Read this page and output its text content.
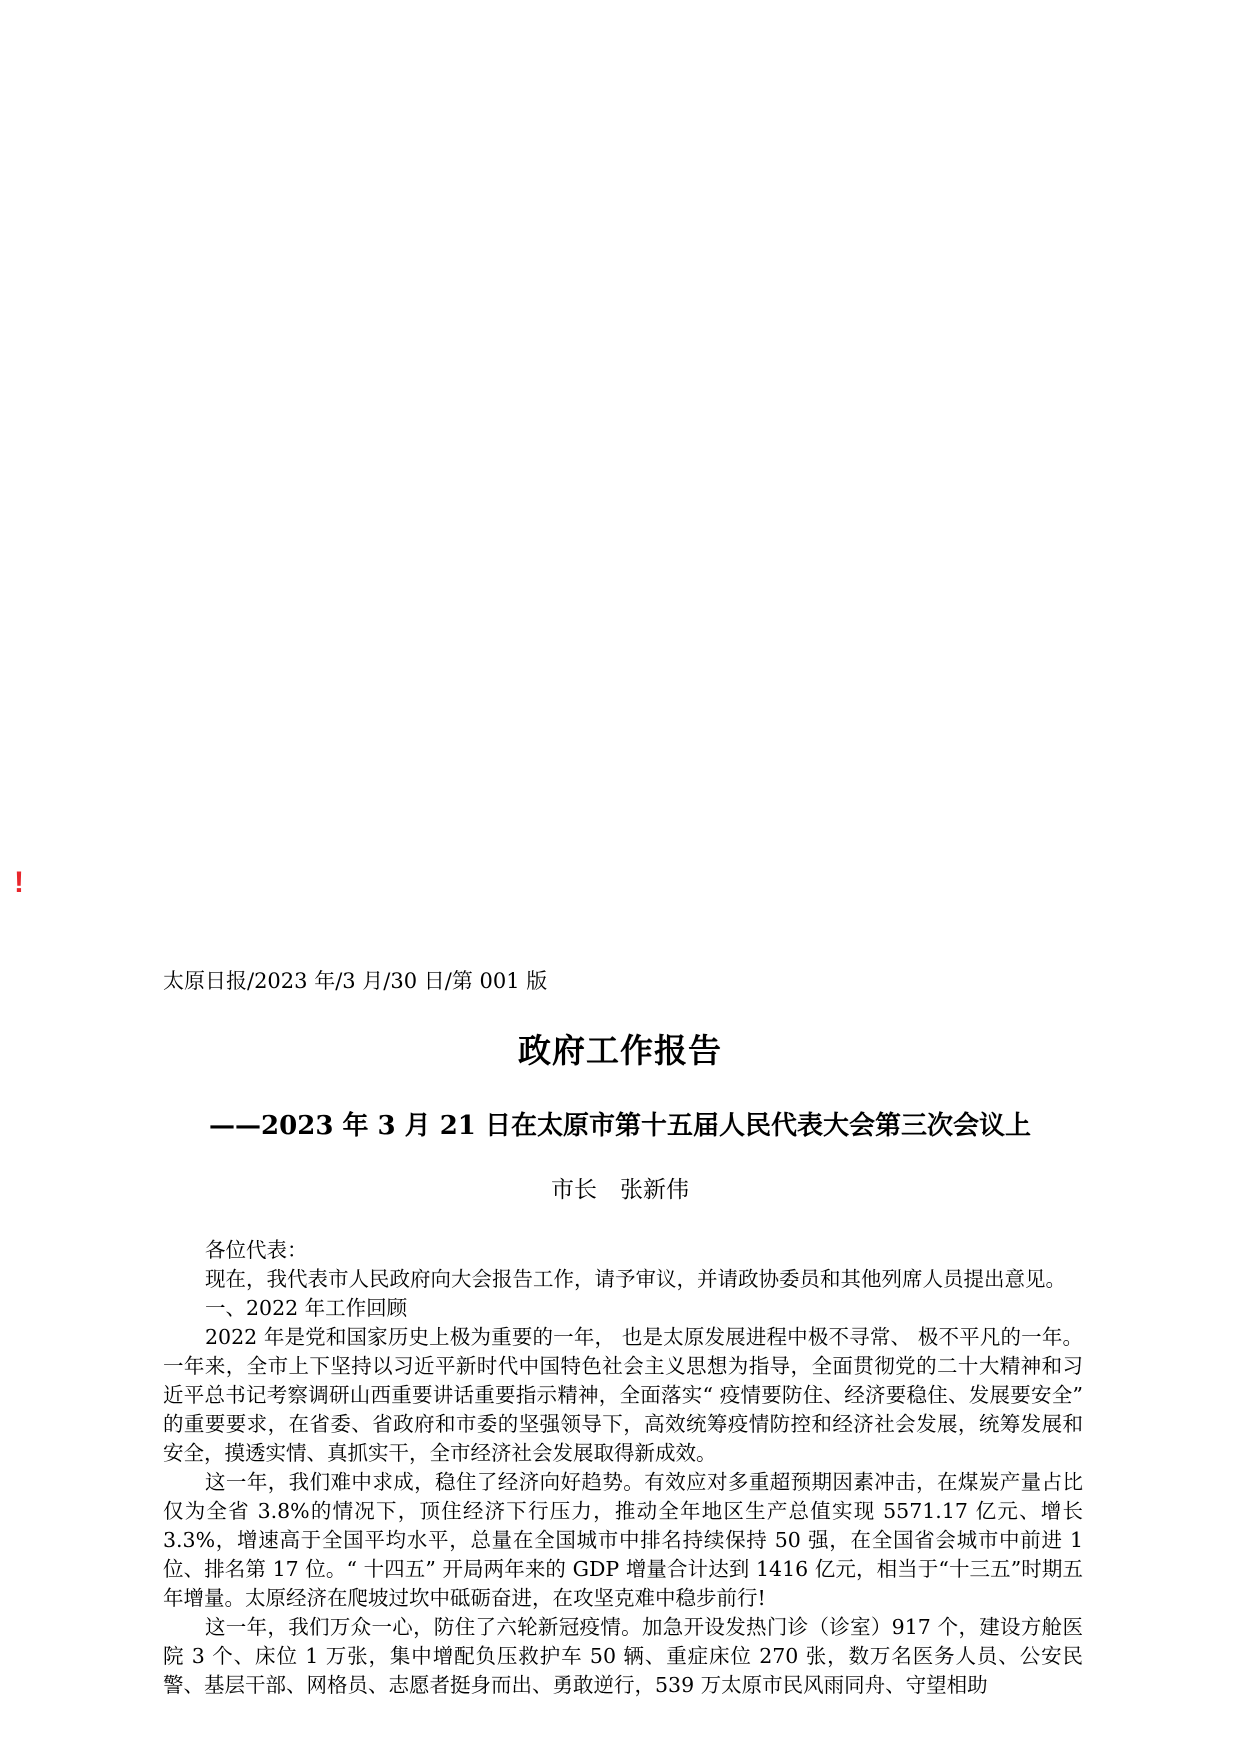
!
太原日报/2023 年/3 月/30 日/第 001 版
政府工作报告
——2023 年 3 月 21 日在太原市第十五届人民代表大会第三次会议上
市长　张新伟

各位代表：

现在，我代表市人民政府向大会报告工作，请予审议，并请政协委员和其他列席人员提出意见。

一、2022 年工作回顾

2022 年是党和国家历史上极为重要的一年， 也是太原发展进程中极不寻常、 极不平凡的一年。一年来，全市上下坚持以习近平新时代中国特色社会主义思想为指导，全面贯彻党的二十大精神和习近平总书记考察调研山西重要讲话重要指示精神，全面落实“ 疫情要防住、经济要稳住、发展要安全” 的重要要求，在省委、省政府和市委的坚强领导下，高效统筹疫情防控和经济社会发展，统筹发展和安全，摸透实情、真抓实干，全市经济社会发展取得新成效。

这一年，我们难中求成，稳住了经济向好趋势。有效应对多重超预期因素冲击，在煤炭产量占比仅为全省 3.8%的情况下，顶住经济下行压力，推动全年地区生产总值实现 5571.17 亿元、增长 3.3%，增速高于全国平均水平，总量在全国城市中排名持续保持 50 强，在全国省会城市中前进 1 位、排名第 17 位。“ 十四五” 开局两年来的 GDP 增量合计达到 1416 亿元，相当于“十三五”时期五年增量。太原经济在爬坡过坎中砥砺奋进，在攻坚克难中稳步前行!

这一年，我们万众一心，防住了六轮新冠疫情。加急开设发热门诊（诊室）917 个，建设方舱医院 3 个、床位 1 万张，集中增配负压救护车 50 辆、重症床位 270 张，数万名医务人员、公安民警、基层干部、网格员、志愿者挺身而出、勇敢逆行，539 万太原市民风雨同舟、守望相助
